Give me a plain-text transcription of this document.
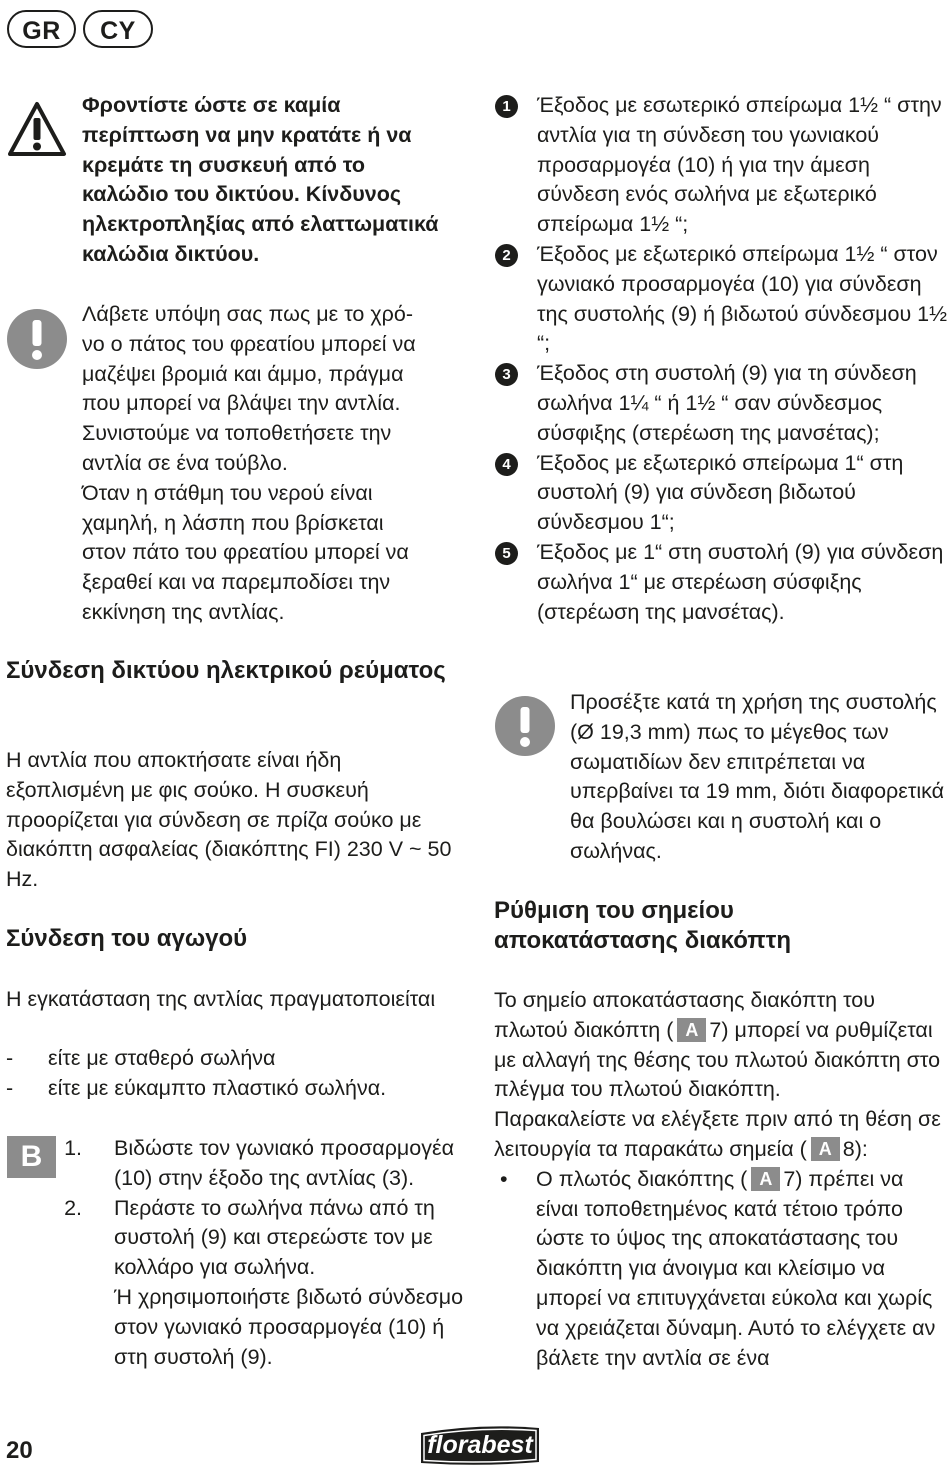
GR	CY

Φροντίστε ώστε σε καμία περίπτωση να μην κρατάτε ή να κρεμάτε τη συσκευή από το καλώδιο του δικτύου. Κίνδυνος ηλεκτροπληξίας από ελαττωματικά καλώδια δικτύου.

Λάβετε υπόψη σας πως με το χρό-
νο ο πάτος του φρεατίου μπορεί να
μαζέψει βρομιά και άμμο, πράγμα
που μπορεί να βλάψει την αντλία.
Συνιστούμε να τοποθετήσετε την
αντλία σε ένα τούβλο.
Όταν η στάθμη του νερού είναι
χαμηλή, η λάσπη που βρίσκεται
στον πάτο του φρεατίου μπορεί να
ξεραθεί και να παρεμποδίσει την
εκκίνηση της αντλίας.

Σύνδεση δικτύου ηλεκτρικού ρεύματος

Η αντλία που αποκτήσατε είναι ήδη εξοπλισμένη με φις σούκο. Η συσκευή προορίζεται για σύνδεση σε πρίζα σούκο με διακόπτη ασφαλείας (διακόπτης FI) 230 V ~ 50 Hz.

Σύνδεση του αγωγού

Η εγκατάσταση της αντλίας πραγματοποιείται

- είτε με σταθερό σωλήνα
- είτε με εύκαμπτο πλαστικό σωλήνα.
B	1. Βιδώστε τον γωνιακό προσαρμογέα (10) στην έξοδο της αντλίας (3).
2. Περάστε το σωλήνα πάνω από τη συστολή (9) και στερεώστε τον με κολλάρο για σωλήνα.
Ή χρησιμοποιήστε βιδωτό σύνδεσμο στον γωνιακό προσαρμογέα (10) ή στη συστολή (9).
1	Έξοδος με εσωτερικό σπείρωμα 1½ “ στην αντλία για τη σύνδεση του γωνιακού προσαρμογέα (10) ή για την άμεση σύνδεση ενός σωλήνα με εξωτερικό σπείρωμα 1½ “;
2	Έξοδος με εξωτερικό σπείρωμα 1½ “ στον γωνιακό προσαρμογέα (10) για σύνδεση της συστολής (9) ή βιδωτού σύνδεσμου 1½ “;
3	Έξοδος στη συστολή (9) για τη σύνδεση σωλήνα 1¼ “ ή 1½ “ σαν σύνδεσμος σύσφιξης (στερέωση της μανσέτας);
4	Έξοδος με εξωτερικό σπείρωμα 1“ στη συστολή (9) για σύνδεση βιδωτού σύνδεσμου 1“;
5	Έξοδος με 1“ στη συστολή (9) για σύνδεση σωλήνα 1“ με στερέωση σύσφιξης (στερέωση της μανσέτας).

Προσέξτε κατά τη χρήση της συστολής (Ø 19,3 mm) πως το μέγεθος των σωματιδίων δεν επιτρέπεται να υπερβαίνει τα 19 mm, διότι διαφορετικά θα βουλώσει και η συστολή και ο σωλήνας.

Ρύθμιση του σημείου αποκατάστασης διακόπτη

Το σημείο αποκατάστασης διακόπτη του πλωτού διακόπτη ( A 7) μπορεί να ρυθμίζεται με αλλαγή της θέσης του πλωτού διακόπτη στο πλέγμα του πλωτού διακόπτη.

Παρακαλείστε να ελέγξετε πριν από τη θέση σε λειτουργία τα παρακάτω σημεία ( A 8):

• Ο πλωτός διακόπτης ( A 7) πρέπει να είναι τοποθετημένος κατά τέτοιο τρόπο ώστε το ύψος της αποκατάστασης του διακόπτη για άνοιγμα και κλείσιμο να μπορεί να επιτυγχάνεται εύκολα και χωρίς να χρειάζεται δύναμη. Αυτό το ελέγχετε αν βάλετε την αντλία σε ένα
20	florabest
